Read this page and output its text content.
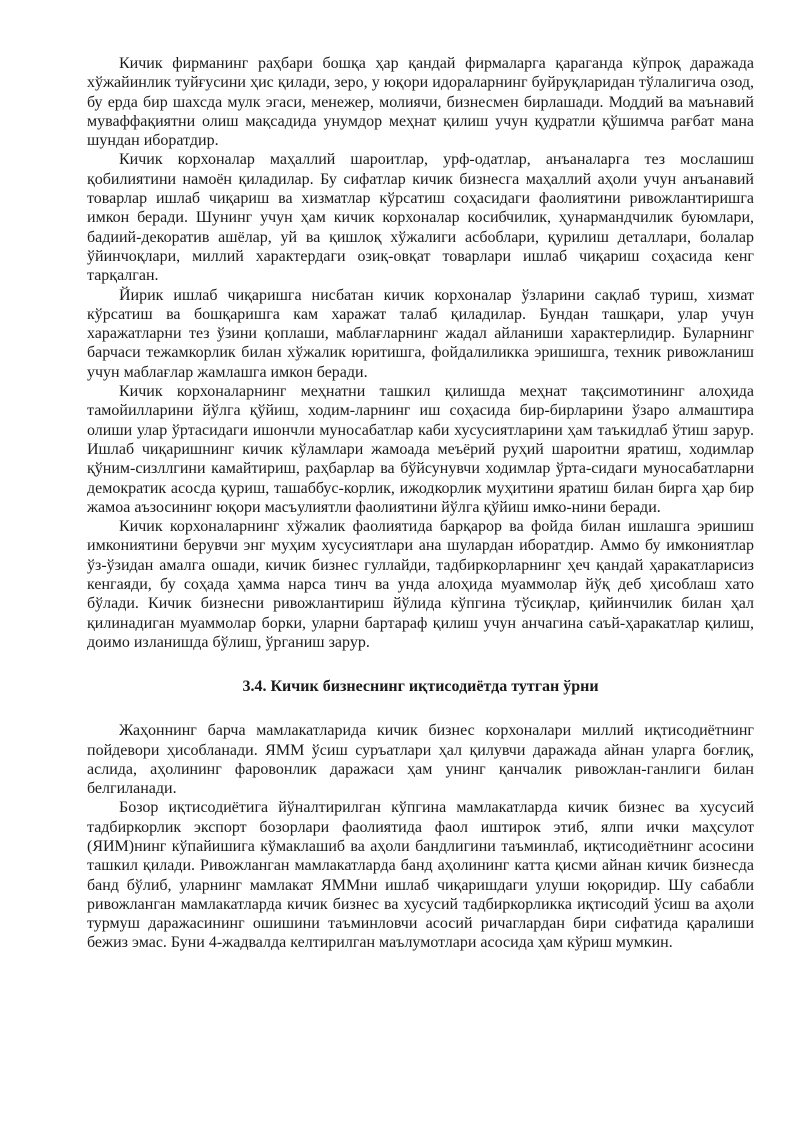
Кичик фирманинг раҳбари бошқа ҳар қандай фирмаларга қараганда кўпроқ даражада хўжайинлик туйғусини ҳис қилади, зеро, у юқори идораларнинг буйруқларидан тўлалигича озод, бу ерда бир шахсда мулк эгаси, менежер, молиячи, бизнесмен бирлашади. Моддий ва маънавий муваффақиятни олиш мақсадида унумдор меҳнат қилиш учун қудратли қўшимча рағбат мана шундан иборатдир.

Кичик корхоналар маҳаллий шароитлар, урф-одатлар, анъаналарга тез мослашиш қобилиятини намоён қиладилар. Бу сифатлар кичик бизнесга маҳаллий аҳоли учун анъанавий товарлар ишлаб чиқариш ва хизматлар кўрсатиш соҳасидаги фаолиятини ривожлантиришга имкон беради. Шунинг учун ҳам кичик корхоналар косибчилик, ҳунармандчилик буюмлари, бадиий-декоратив ашёлар, уй ва қишлоқ хўжалиги асбоблари, қурилиш деталлари, болалар ўйинчоқлари, миллий характердаги озиқ-овқат товарлари ишлаб чиқариш соҳасида кенг тарқалган.

Йирик ишлаб чиқаришга нисбатан кичик корхоналар ўзларини сақлаб туриш, хизмат кўрсатиш ва бошқаришга кам харажат талаб қиладилар. Бундан ташқари, улар учун харажатларни тез ўзини қоплаши, маблағларнинг жадал айланиши характерлидир. Буларнинг барчаси тежамкорлик билан хўжалик юритишга, фойдалиликка эришишга, техник ривожланиш учун маблағлар жамлашга имкон беради.

Кичик корхоналарнинг меҳнатни ташкил қилишда меҳнат тақсимотининг алоҳида тамойилларини йўлга қўйиш, ходим-ларнинг иш соҳасида бир-бирларини ўзаро алмаштира олиши улар ўртасидаги ишончли муносабатлар каби хусусиятларини ҳам таъкидлаб ўтиш зарур. Ишлаб чиқаришнинг кичик кўламлари жамоада меъёрий руҳий шароитни яратиш, ходимлар қўним-сизллгини камайтириш, раҳбарлар ва бўйсунувчи ходимлар ўрта-сидаги муносабатларни демократик асосда қуриш, ташаббус-корлик, ижодкорлик муҳитини яратиш билан бирга ҳар бир жамоа аъзосининг юқори масъулиятли фаолиятини йўлга қўйиш имко-нини беради.

Кичик корхоналарнинг хўжалик фаолиятида барқарор ва фойда билан ишлашга эришиш имкониятини берувчи энг муҳим хусусиятлари ана шулардан иборатдир. Аммо бу имкониятлар ўз-ўзидан амалга ошади, кичик бизнес гуллайди, тадбиркорларнинг ҳеч қандай ҳаракатларисиз кенгаяди, бу соҳада ҳамма нарса тинч ва унда алоҳида муаммолар йўқ деб ҳисоблаш хато бўлади. Кичик бизнесни ривожлантириш йўлида кўпгина тўсиқлар, қийинчилик билан ҳал қилинадиган муаммолар борки, уларни бартараф қилиш учун анчагина саъй-ҳаракатлар қилиш, доимо изланишда бўлиш, ўрганиш зарур.

3.4. Кичик бизнеснинг иқтисодиётда тутган ўрни

Жаҳоннинг барча мамлакатларида кичик бизнес корхоналари миллий иқтисодиётнинг пойдевори ҳисобланади. ЯММ ўсиш суръатлари ҳал қилувчи даражада айнан уларга боғлиқ, аслида, аҳолининг фаровонлик даражаси ҳам унинг қанчалик ривожлан-ганлиги билан белгиланади.

Бозор иқтисодиётига йўналтирилган кўпгина мамлакатларда кичик бизнес ва хусусий тадбиркорлик экспорт бозорлари фаолиятида фаол иштирок этиб, ялпи ички маҳсулот (ЯИМ)нинг кўпайишига кўмаклашиб ва аҳоли бандлигини таъминлаб, иқтисодиётнинг асосини ташкил қилади. Ривожланган мамлакатларда банд аҳолининг катта қисми айнан кичик бизнесда банд бўлиб, уларнинг мамлакат ЯММни ишлаб чиқаришдаги улуши юқоридир. Шу сабабли ривожланган мамлакатларда кичик бизнес ва хусусий тадбиркорликка иқтисодий ўсиш ва аҳоли турмуш даражасининг ошишини таъминловчи асосий ричаглардан бири сифатида қаралиши бежиз эмас. Буни 4-жадвалда келтирилган маълумотлари асосида ҳам кўриш мумкин.
